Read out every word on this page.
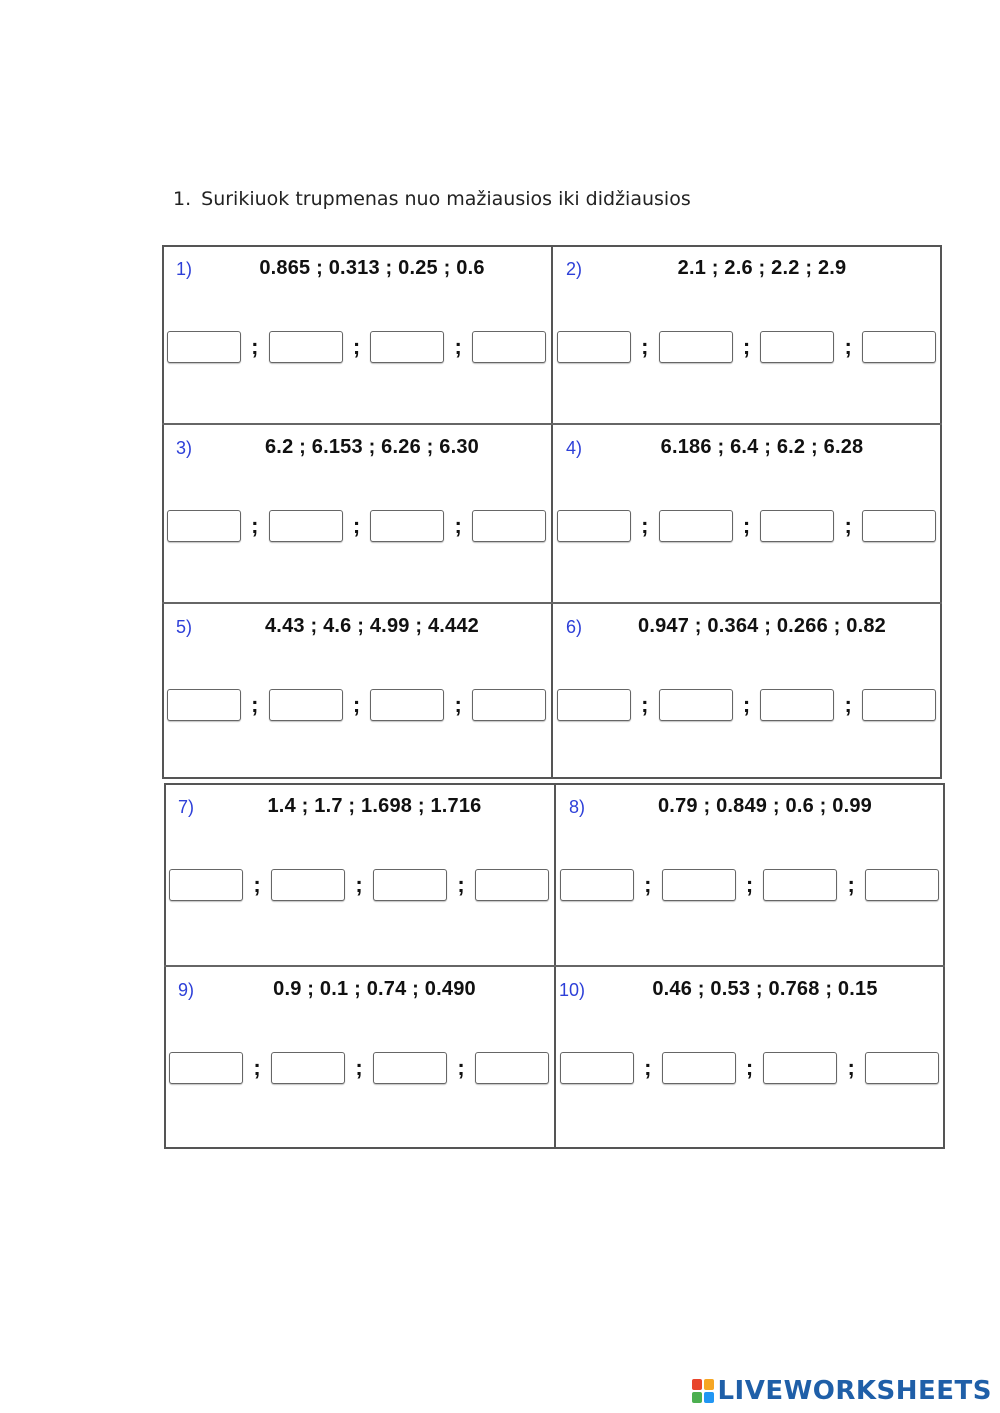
1. Surikiuok trupmenas nuo mažiausios iki didžiausios
1)	0.865 ; 0.313 ; 0.25 ; 0.6
;	;	;
2)	2.1 ; 2.6 ; 2.2 ; 2.9
;	;	;
3)	6.2 ; 6.153 ; 6.26 ; 6.30
;	;	;
4)	6.186 ; 6.4 ; 6.2 ; 6.28
;	;	;
5)	4.43 ; 4.6 ; 4.99 ; 4.442
;	;	;
6)	0.947 ; 0.364 ; 0.266 ; 0.82
;	;	;
7)	1.4 ; 1.7 ; 1.698 ; 1.716
;	;	;
8)	0.79 ; 0.849 ; 0.6 ; 0.99
;	;	;
9)	0.9 ; 0.1 ; 0.74 ; 0.490
;	;	;
10)	0.46 ; 0.53 ; 0.768 ; 0.15
;	;	;
LIVEWORKSHEETS
